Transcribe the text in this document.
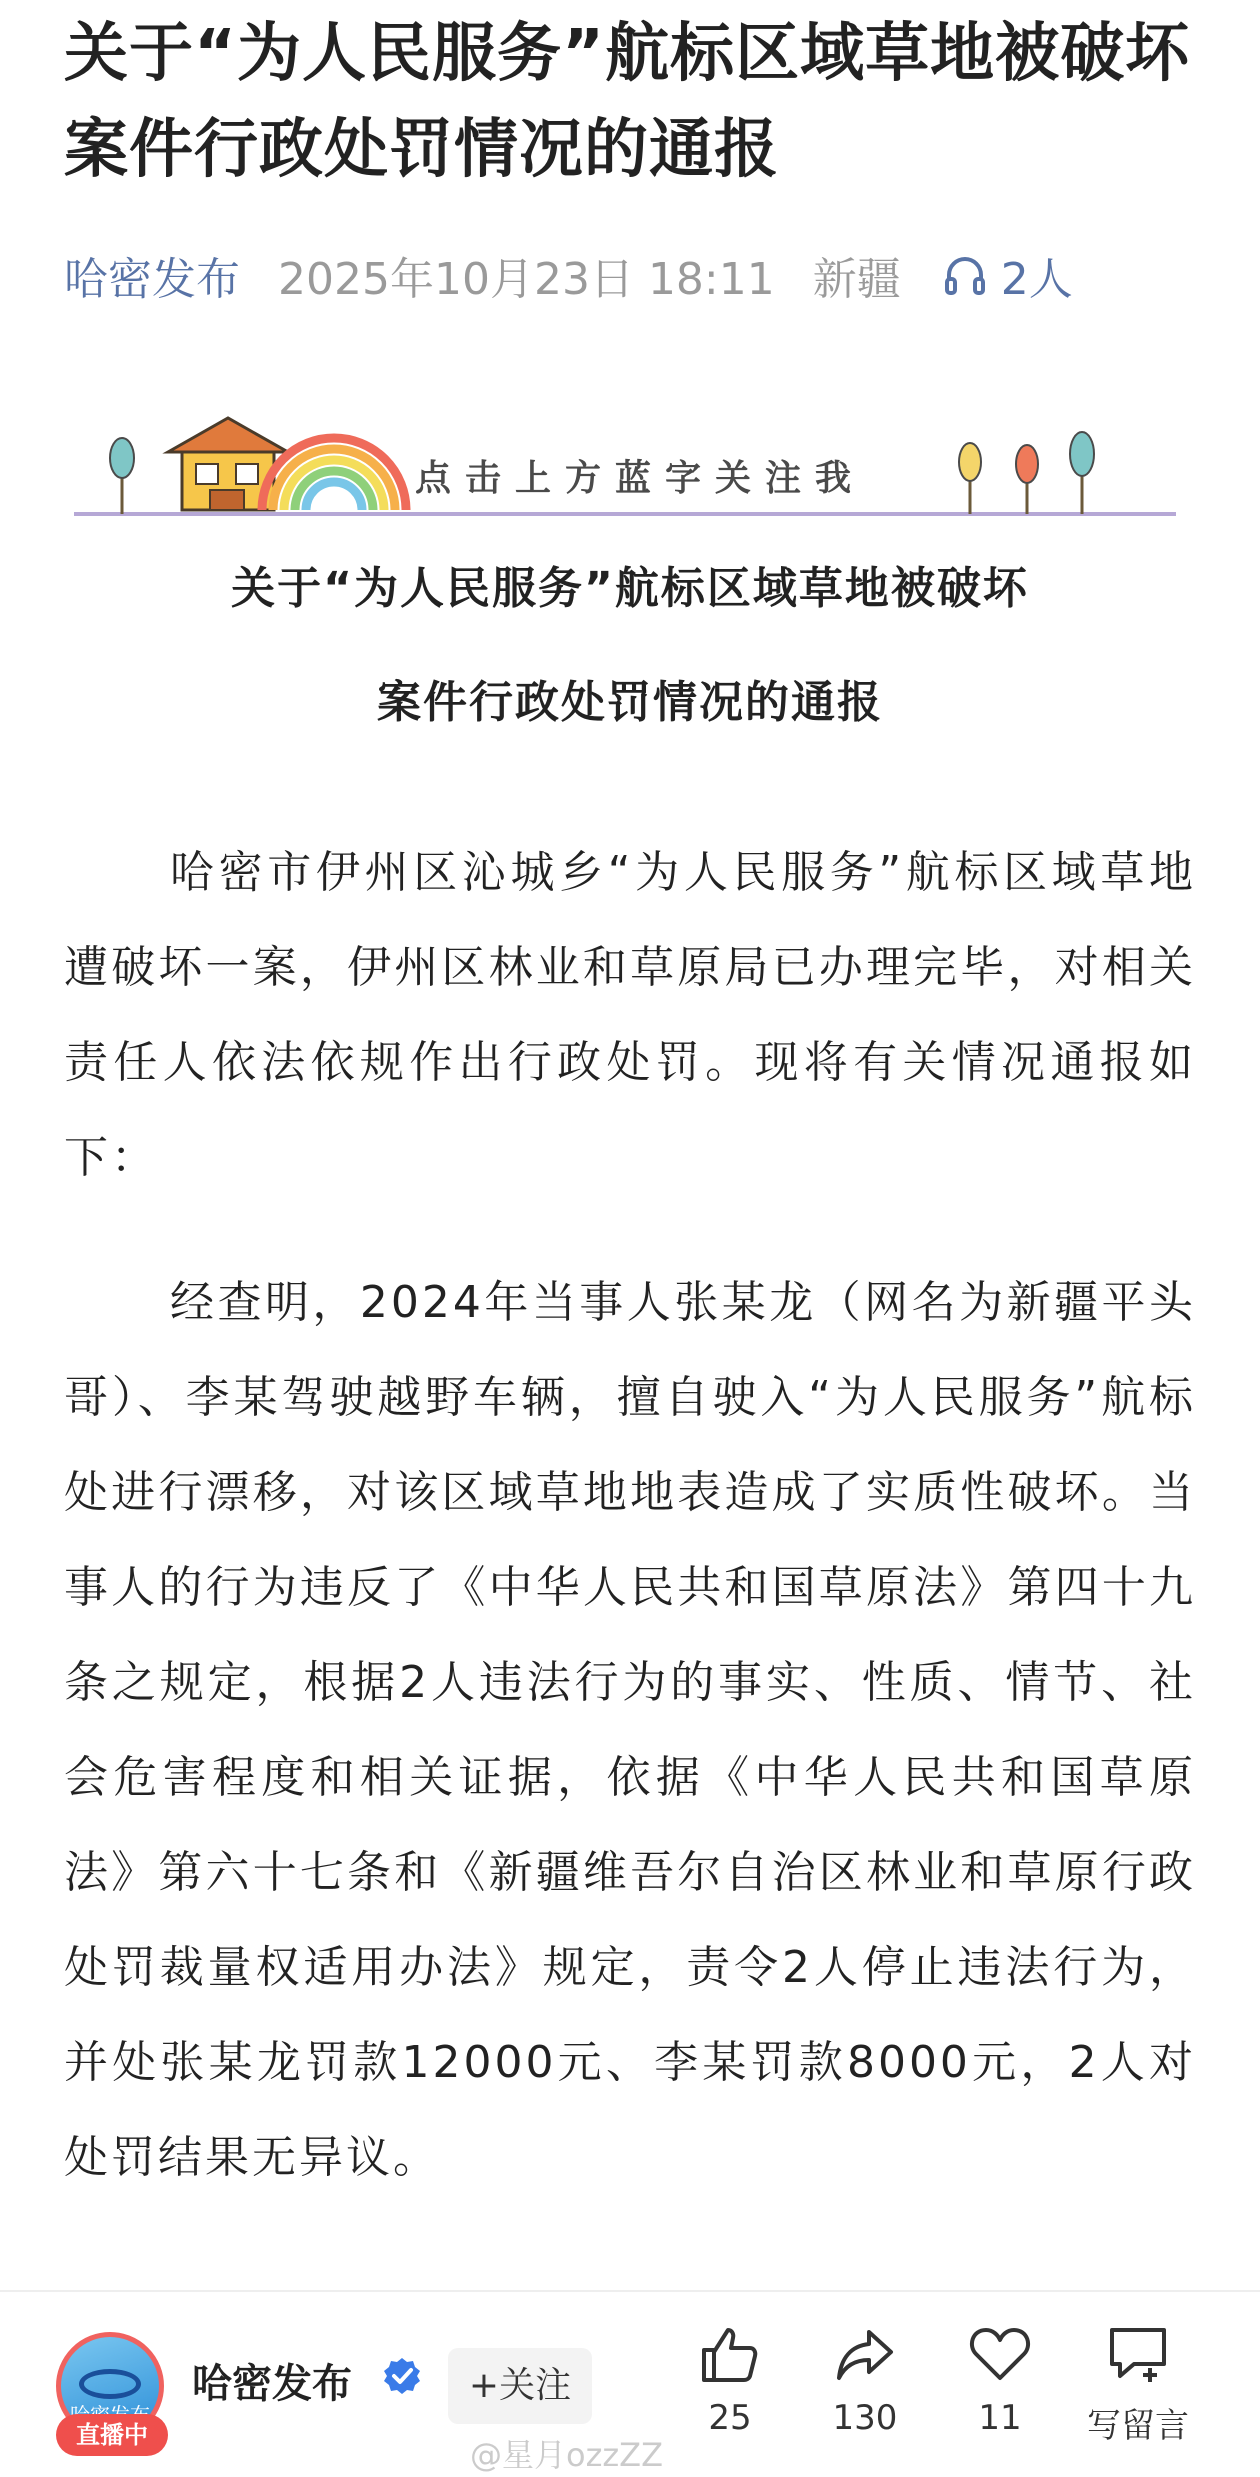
关于“为人民服务”航标区域草地被破坏案件行政处罚情况的通报
哈密发布 2025年10月23日 18:11 新疆 2人
点击上方蓝字关注我
关于“为人民服务”航标区域草地被破坏
案件行政处罚情况的通报
哈密市伊州区沁城乡“为人民服务”航标区域草地遭破坏一案，伊州区林业和草原局已办理完毕，对相关责任人依法依规作出行政处罚。现将有关情况通报如下：
经查明，2024年当事人张某龙（网名为新疆平头哥）、李某驾驶越野车辆，擅自驶入“为人民服务”航标处进行漂移，对该区域草地地表造成了实质性破坏。当事人的行为违反了《中华人民共和国草原法》第四十九条之规定，根据2人违法行为的事实、性质、情节、社会危害程度和相关证据，依据《中华人民共和国草原法》第六十七条和《新疆维吾尔自治区林业和草原行政处罚裁量权适用办法》规定，责令2人停止违法行为，并处张某龙罚款12000元、李某罚款8000元，2人对处罚结果无异议。
直播中
哈密发布	+关注
25	130	11	写留言
@星月ozzZZ
